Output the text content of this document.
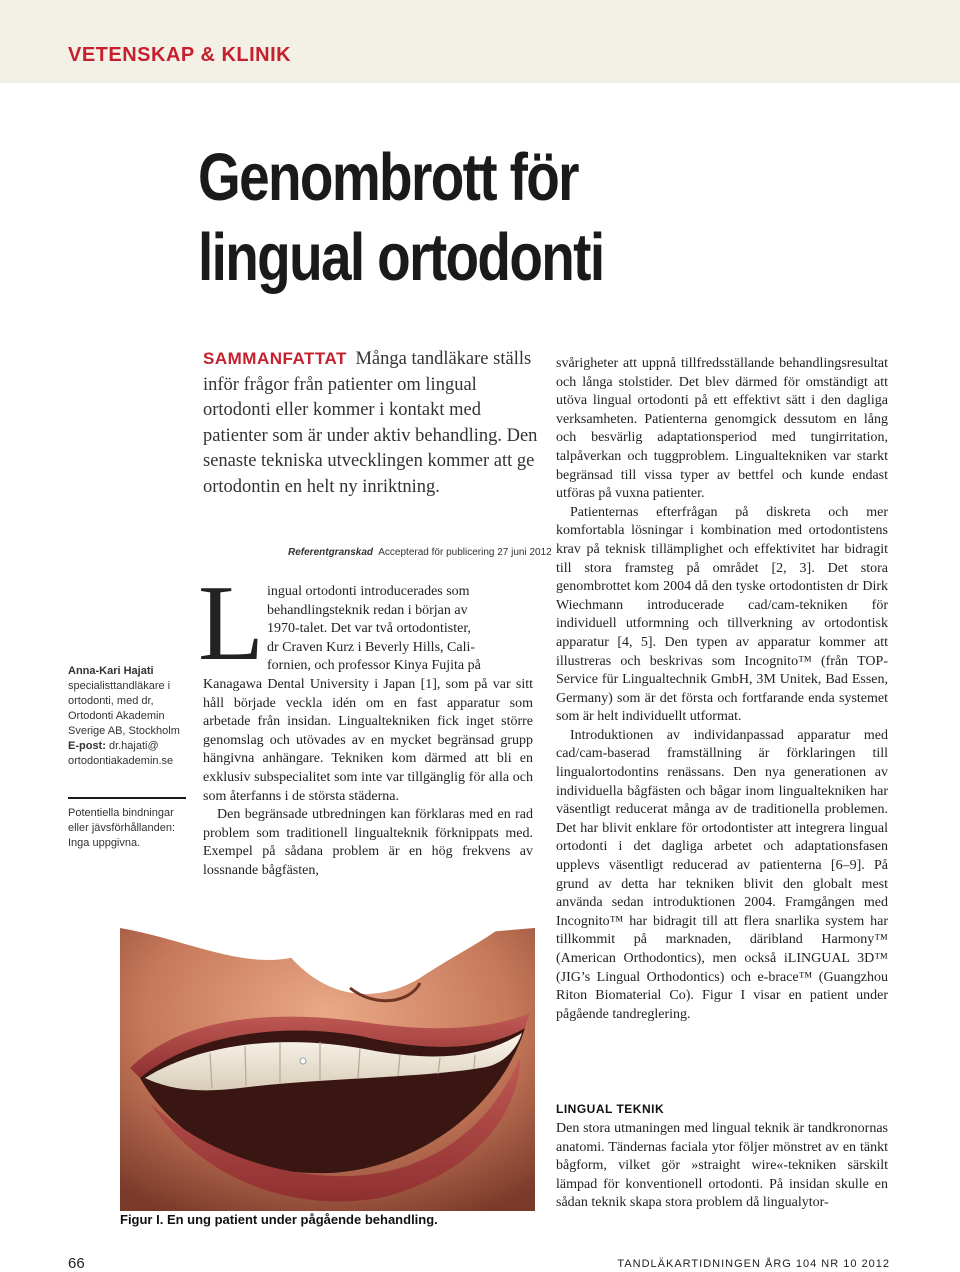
VETENSKAP & KLINIK
Genombrott för
lingual ortodonti

SAMMANFATTAT Många tandläkare ställs inför frågor från patienter om lingual ortodonti eller kommer i kontakt med patienter som är under aktiv behandling. Den senaste tekniska utvecklingen kommer att ge ortodontin en helt ny inriktning.

Referentgranskad Accepterad för publicering 27 juni 2012
L ingual ortodonti introducerades som
behandlingsteknik redan i början av
1970-talet. Det var två ortodontister,
dr Craven Kurz i Beverly Hills, Cali-
fornien, och professor Kinya Fujita på
Kanagawa Dental University i Japan [1], som på var sitt håll började veckla idén om en fast apparatur som arbetade från insidan. Lingualtekniken fick inget större genomslag och utövades av en mycket begränsad grupp hängivna anhängare. Tekniken kom därmed att bli en exklusiv subspecialitet som inte var tillgänglig för alla och som återfanns i de största städerna.

Den begränsade utbredningen kan förklaras med en rad problem som traditionell lingualteknik förknippats med. Exempel på sådana problem är en hög frekvens av lossnande bågfästen,

svårigheter att uppnå tillfredsställande behandlingsresultat och långa stolstider. Det blev därmed för omständigt att utöva lingual ortodonti på ett effektivt sätt i den dagliga verksamheten. Patienterna genomgick dessutom en lång och besvärlig adaptationsperiod med tungirritation, talpåverkan och tuggproblem. Lingualtekniken var starkt begränsad till vissa typer av bettfel och kunde endast utföras på vuxna patienter.

Patienternas efterfrågan på diskreta och mer komfortabla lösningar i kombination med ortodontistens krav på teknisk tillämplighet och effektivitet har bidragit till stora framsteg på området [2, 3]. Det stora genombrottet kom 2004 då den tyske ortodontisten dr Dirk Wiechmann introducerade cad/cam-tekniken för individuell utformning och tillverkning av ortodontisk apparatur [4, 5]. Den typen av apparatur kommer att illustreras och beskrivas som Incognito™ (från TOP-Service für Lingualtechnik GmbH, 3M Unitek, Bad Essen, Germany) som är det första och fortfarande enda systemet som är helt individuellt utformat.

Introduktionen av individanpassad apparatur med cad/cam-baserad framställning är förklaringen till lingualortodontins renässans. Den nya generationen av individuella bågfästen och bågar inom lingualtekniken har väsentligt reducerat många av de traditionella problemen. Det har blivit enklare för ortodontister att integrera lingual ortodonti i det dagliga arbetet och adaptationsfasen upplevs väsentligt reducerad av patienterna [6–9]. På grund av detta har tekniken blivit den globalt mest använda sedan introduktionen 2004. Framgången med Incognito™ har bidragit till att flera snarlika system har tillkommit på marknaden, däribland Harmony™ (American Orthodontics), men också iLINGUAL 3D™ (JIG’s Lingual Orthodontics) och e-brace™ (Guangzhou Riton Biomaterial Co). Figur I visar en patient under pågående tandreglering.

LINGUAL TEKNIK

Den stora utmaningen med lingual teknik är tandkronornas anatomi. Tändernas faciala ytor följer mönstret av en tänkt bågform, vilket gör »straight wire«-tekniken särskilt lämpad för konventionell ortodonti. På insidan skulle en sådan teknik skapa stora problem då lingualytor-

Anna-Kari Hajati
specialisttandläkare i ortodonti, med dr, Ortodonti Akademin Sverige AB, Stockholm
E-post: dr.hajati@ ortodontiakademin.se
Potentiella bindningar eller jävsförhållanden: Inga uppgivna.
Figur I. En ung patient under pågående behandling.
66	TANDLÄKARTIDNINGEN ÅRG 104 NR 10 2012
